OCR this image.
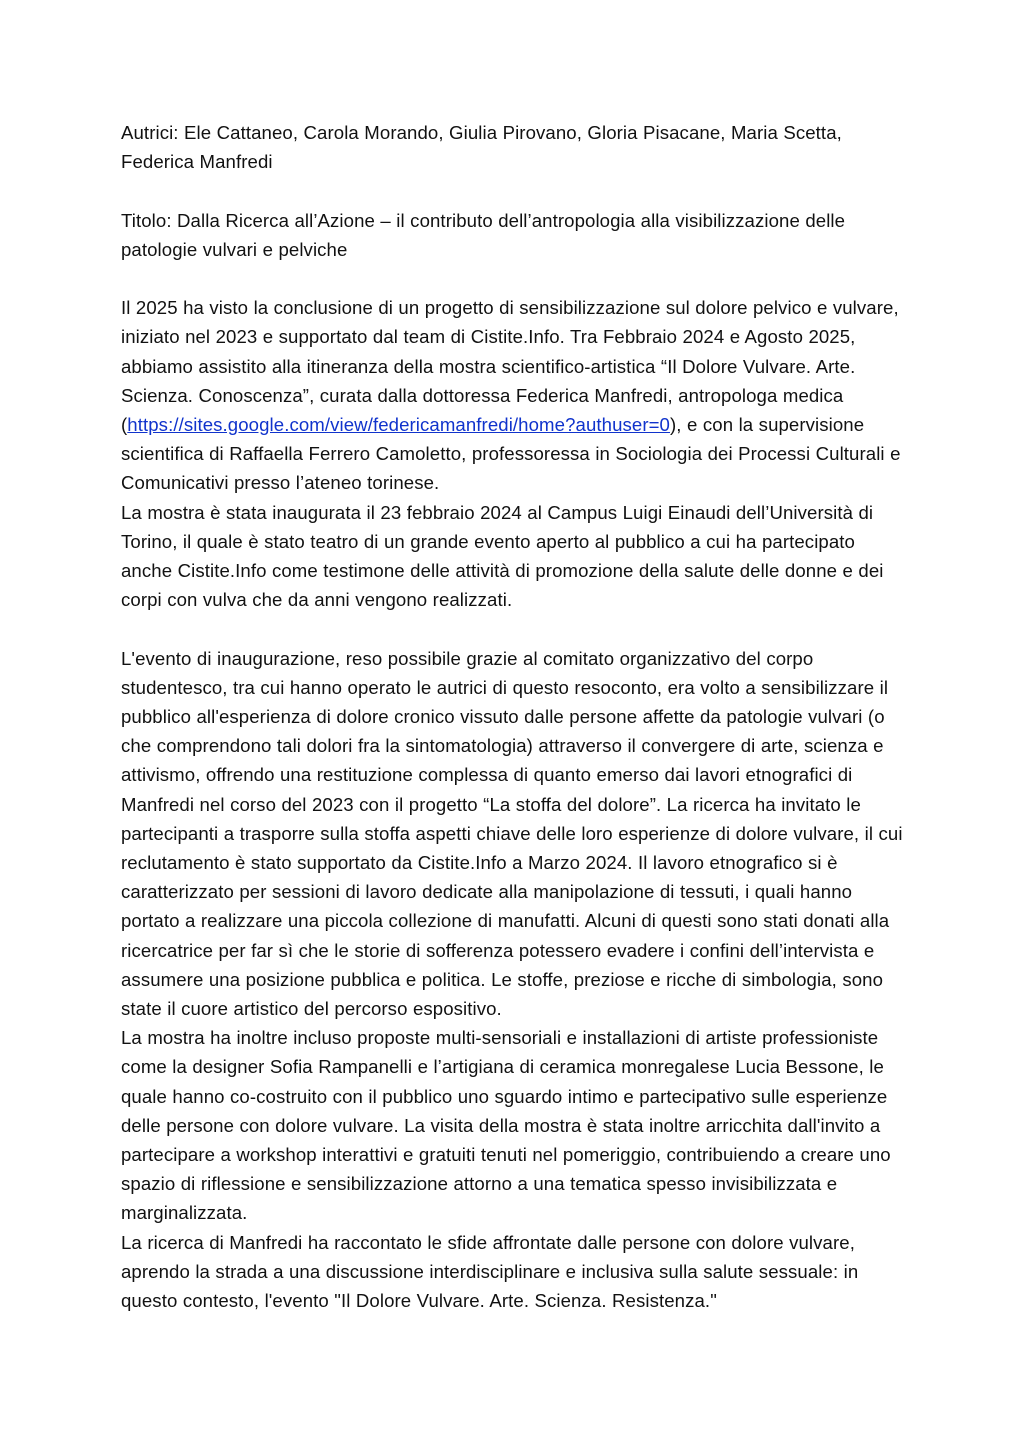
Autrici: Ele Cattaneo, Carola Morando, Giulia Pirovano, Gloria Pisacane, Maria Scetta, Federica Manfredi

Titolo: Dalla Ricerca all’Azione – il contributo dell’antropologia alla visibilizzazione delle patologie vulvari e pelviche

Il 2025 ha visto la conclusione di un progetto di sensibilizzazione sul dolore pelvico e vulvare, iniziato nel 2023 e supportato dal team di Cistite.Info. Tra Febbraio 2024 e Agosto 2025, abbiamo assistito alla itineranza della mostra scientifico-artistica “Il Dolore Vulvare. Arte. Scienza. Conoscenza”, curata dalla dottoressa Federica Manfredi, antropologa medica (https://sites.google.com/view/federicamanfredi/home?authuser=0), e con la supervisione scientifica di Raffaella Ferrero Camoletto, professoressa in Sociologia dei Processi Culturali e Comunicativi presso l’ateneo torinese.

La mostra è stata inaugurata il 23 febbraio 2024 al Campus Luigi Einaudi dell’Università di Torino, il quale è stato teatro di un grande evento aperto al pubblico a cui ha partecipato anche Cistite.Info come testimone delle attività di promozione della salute delle donne e dei corpi con vulva che da anni vengono realizzati.

L'evento di inaugurazione, reso possibile grazie al comitato organizzativo del corpo studentesco, tra cui hanno operato le autrici di questo resoconto, era volto a sensibilizzare il pubblico all'esperienza di dolore cronico vissuto dalle persone affette da patologie vulvari (o che comprendono tali dolori fra la sintomatologia) attraverso il convergere di arte, scienza e attivismo, offrendo una restituzione complessa di quanto emerso dai lavori etnografici di Manfredi nel corso del 2023 con il progetto “La stoffa del dolore”. La ricerca ha invitato le partecipanti a trasporre sulla stoffa aspetti chiave delle loro esperienze di dolore vulvare, il cui reclutamento è stato supportato da Cistite.Info a Marzo 2024. Il lavoro etnografico si è caratterizzato per sessioni di lavoro dedicate alla manipolazione di tessuti, i quali hanno portato a realizzare una piccola collezione di manufatti. Alcuni di questi sono stati donati alla ricercatrice per far sì che le storie di sofferenza potessero evadere i confini dell’intervista e assumere una posizione pubblica e politica. Le stoffe, preziose e ricche di simbologia, sono state il cuore artistico del percorso espositivo.

La mostra ha inoltre incluso proposte multi-sensoriali e installazioni di artiste professioniste come la designer Sofia Rampanelli e l’artigiana di ceramica monregalese Lucia Bessone, le quale hanno co-costruito con il pubblico uno sguardo intimo e partecipativo sulle esperienze delle persone con dolore vulvare. La visita della mostra è stata inoltre arricchita dall'invito a partecipare a workshop interattivi e gratuiti tenuti nel pomeriggio, contribuiendo a creare uno spazio di riflessione e sensibilizzazione attorno a una tematica spesso invisibilizzata e marginalizzata.

La ricerca di Manfredi ha raccontato le sfide affrontate dalle persone con dolore vulvare, aprendo la strada a una discussione interdisciplinare e inclusiva sulla salute sessuale: in questo contesto, l'evento "Il Dolore Vulvare. Arte. Scienza. Resistenza."
